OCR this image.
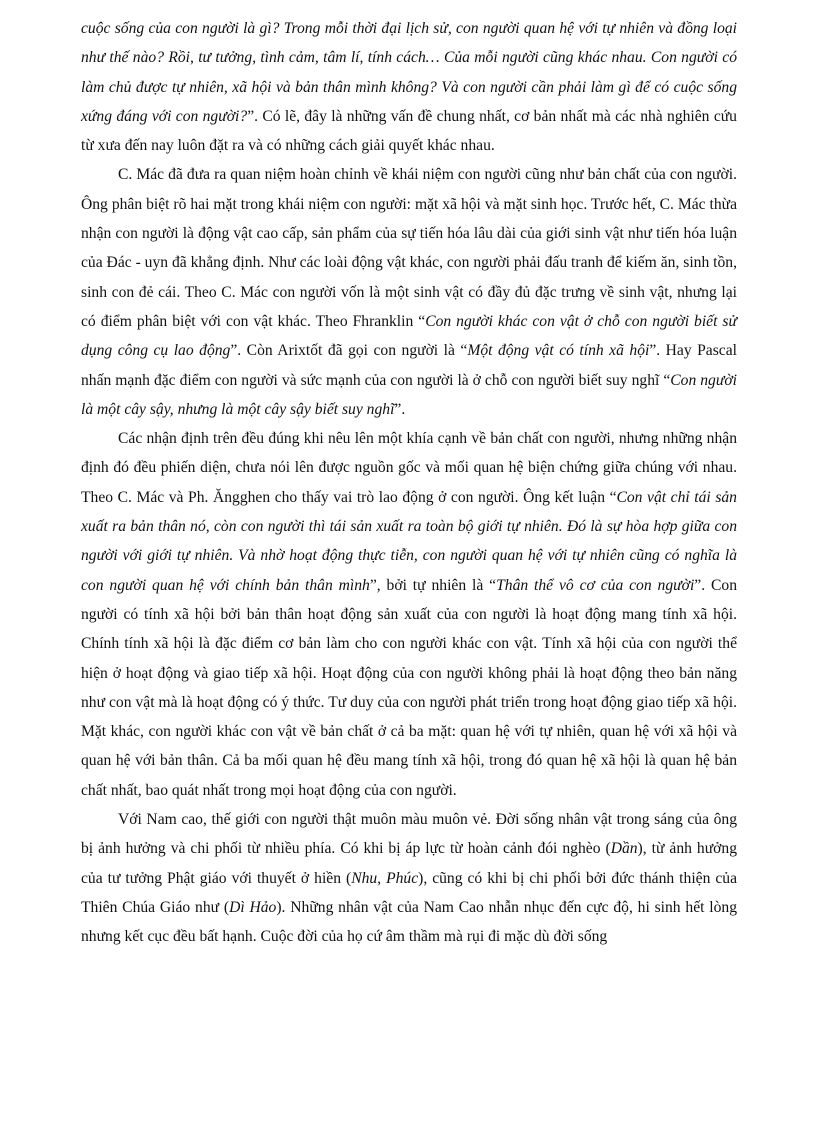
cuộc sống của con người là gì? Trong mỗi thời đại lịch sử, con người quan hệ với tự nhiên và đồng loại như thế nào? Rồi, tư tưởng, tình cảm, tâm lí, tính cách… Của mỗi người cũng khác nhau. Con người có làm chủ được tự nhiên, xã hội và bản thân mình không? Và con người cần phải làm gì để có cuộc sống xứng đáng với con người?”. Có lẽ, đây là những vấn đề chung nhất, cơ bản nhất mà các nhà nghiên cứu từ xưa đến nay luôn đặt ra và có những cách giải quyết khác nhau.

C. Mác đã đưa ra quan niệm hoàn chỉnh về khái niệm con người cũng như bản chất của con người. Ông phân biệt rõ hai mặt trong khái niệm con người: mặt xã hội và mặt sinh học. Trước hết, C. Mác thừa nhận con người là động vật cao cấp, sản phẩm của sự tiến hóa lâu dài của giới sinh vật như tiến hóa luận của Đác - uyn đã khẳng định. Như các loài động vật khác, con người phải đấu tranh để kiếm ăn, sinh tồn, sinh con đẻ cái. Theo C. Mác con người vốn là một sinh vật có đầy đủ đặc trưng về sinh vật, nhưng lại có điểm phân biệt với con vật khác. Theo Fhranklin “Con người khác con vật ở chỗ con người biết sử dụng công cụ lao động”. Còn Arixtốt đã gọi con người là “Một động vật có tính xã hội”. Hay Pascal nhấn mạnh đặc điểm con người và sức mạnh của con người là ở chỗ con người biết suy nghĩ “Con người là một cây sậy, nhưng là một cây sậy biết suy nghĩ”.

Các nhận định trên đều đúng khi nêu lên một khía cạnh về bản chất con người, nhưng những nhận định đó đều phiến diện, chưa nói lên được nguồn gốc và mối quan hệ biện chứng giữa chúng với nhau. Theo C. Mác và Ph. Ăngghen cho thấy vai trò lao động ở con người. Ông kết luận “Con vật chỉ tái sản xuất ra bản thân nó, còn con người thì tái sản xuất ra toàn bộ giới tự nhiên. Đó là sự hòa hợp giữa con người với giới tự nhiên. Và nhờ hoạt động thực tiễn, con người quan hệ với tự nhiên cũng có nghĩa là con người quan hệ với chính bản thân mình”, bởi tự nhiên là “Thân thể vô cơ của con người”. Con người có tính xã hội bởi bản thân hoạt động sản xuất của con người là hoạt động mang tính xã hội. Chính tính xã hội là đặc điểm cơ bản làm cho con người khác con vật. Tính xã hội của con người thể hiện ở hoạt động và giao tiếp xã hội. Hoạt động của con người không phải là hoạt động theo bản năng như con vật mà là hoạt động có ý thức. Tư duy của con người phát triển trong hoạt động giao tiếp xã hội. Mặt khác, con người khác con vật về bản chất ở cả ba mặt: quan hệ với tự nhiên, quan hệ với xã hội và quan hệ với bản thân. Cả ba mối quan hệ đều mang tính xã hội, trong đó quan hệ xã hội là quan hệ bản chất nhất, bao quát nhất trong mọi hoạt động của con người.

Với Nam cao, thế giới con người thật muôn màu muôn vẻ. Đời sống nhân vật trong sáng của ông bị ảnh hưởng và chi phối từ nhiều phía. Có khi bị áp lực từ hoàn cảnh đói nghèo (Dần), từ ảnh hưởng của tư tưởng Phật giáo với thuyết ở hiền (Nhu, Phúc), cũng có khi bị chi phối bởi đức thánh thiện của Thiên Chúa Giáo như (Dì Hảo). Những nhân vật của Nam Cao nhẫn nhục đến cực độ, hi sinh hết lòng nhưng kết cục đều bất hạnh. Cuộc đời của họ cứ âm thầm mà rụi đi mặc dù đời sống
